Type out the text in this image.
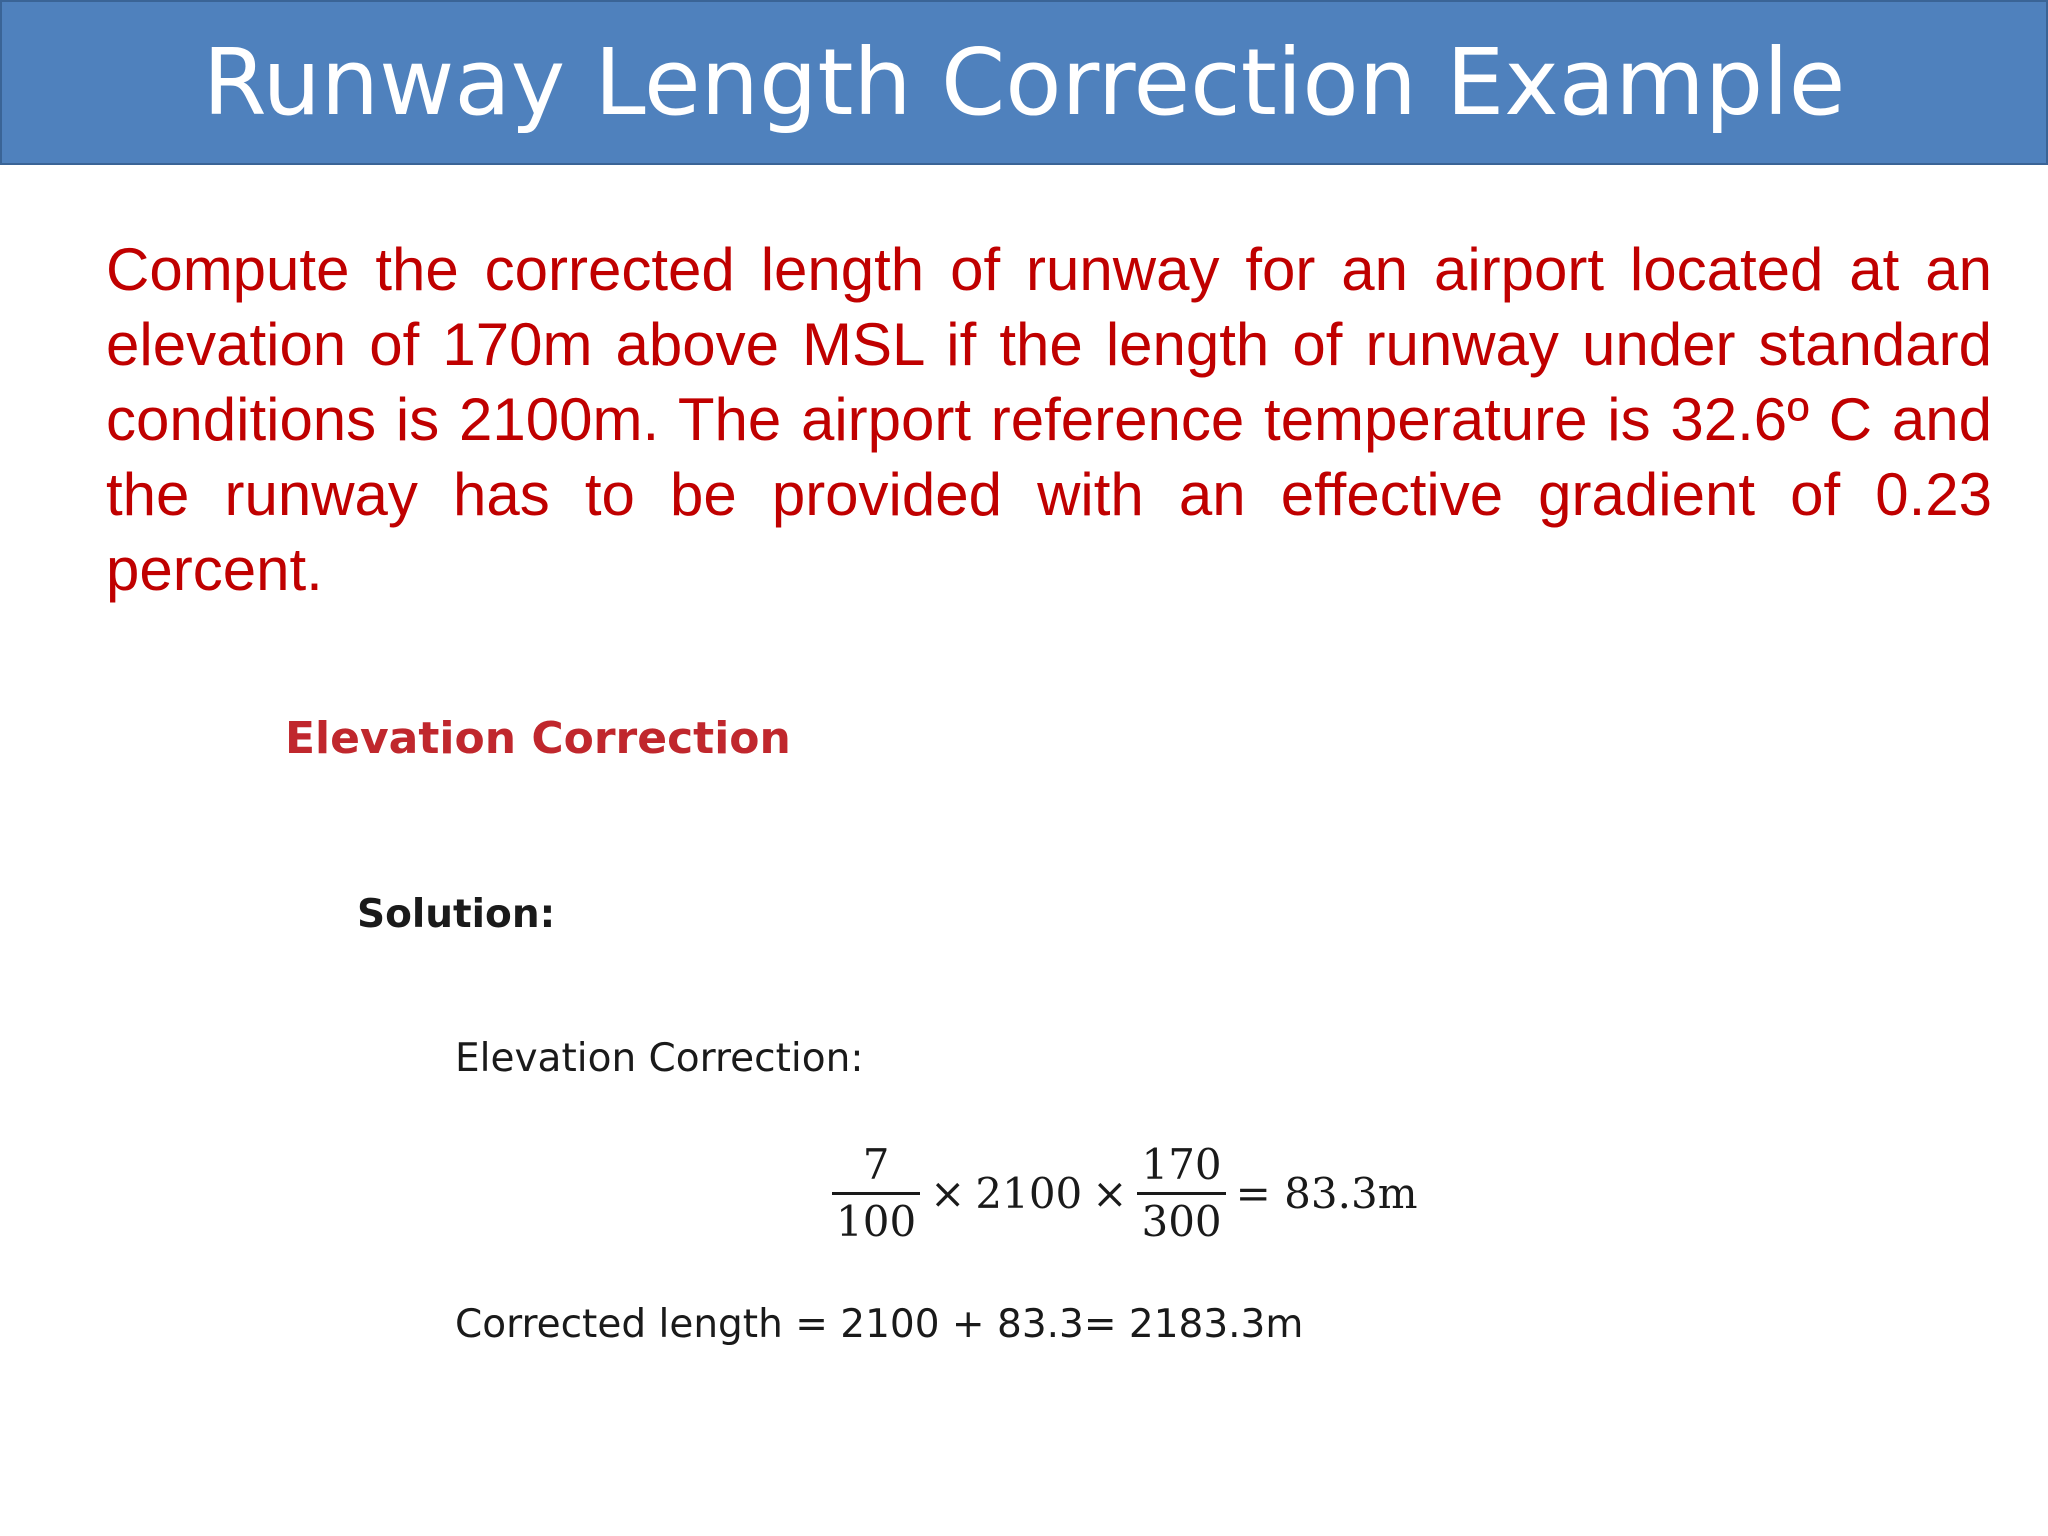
Runway Length Correction Example

Compute the corrected length of runway for an airport located at an elevation of 170m above MSL if the length of runway under standard conditions is 2100m. The airport reference temperature is 32.6º C and the runway has to be provided with an effective gradient of 0.23 percent.

Elevation Correction
Solution:
Elevation Correction:
$\frac{7}{100} \times 2100 \times \frac{170}{300} = 83.3m$
Corrected length = 2100 + 83.3= 2183.3m
